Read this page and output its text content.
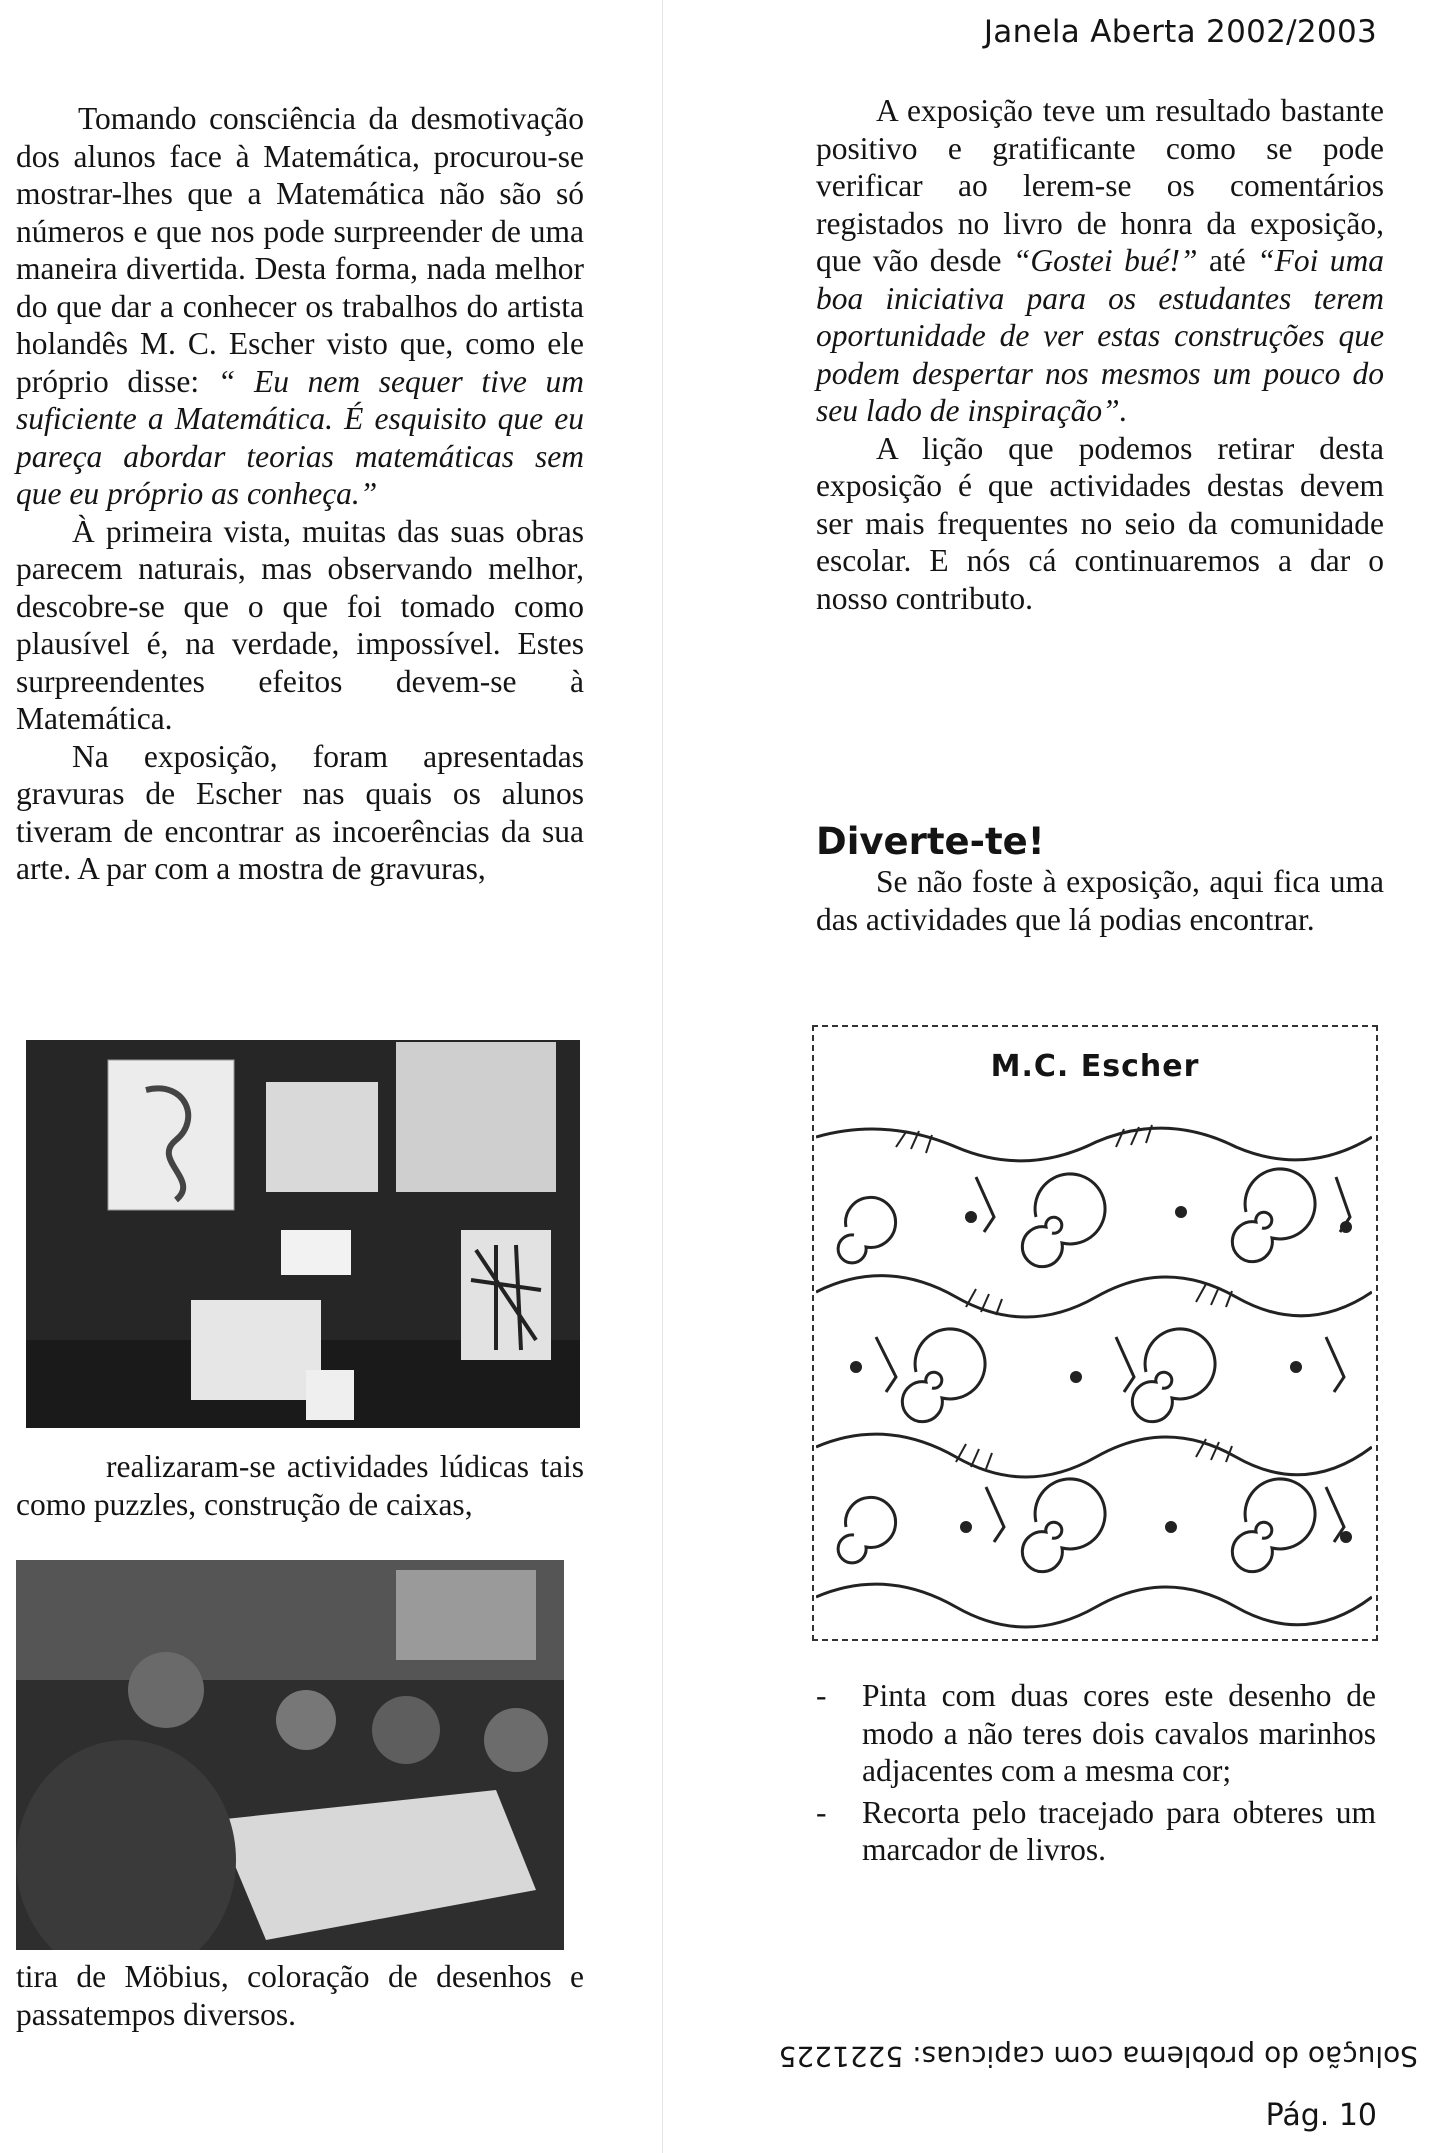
Janela Aberta 2002/2003

Tomando consciência da desmotivação dos alunos face à Matemática, procurou-se mostrar-lhes que a Matemática não são só números e que nos pode surpreender de uma maneira divertida. Desta forma, nada melhor do que dar a conhecer os trabalhos do artista holandês M. C. Escher visto que, como ele próprio disse: “ Eu nem sequer tive um suficiente a Matemática. É esquisito que eu pareça abordar teorias matemáticas sem que eu próprio as conheça.”

À primeira vista, muitas das suas obras parecem naturais, mas observando melhor, descobre-se que o que foi tomado como plausível é, na verdade, impossível. Estes surpreendentes efeitos devem-se à Matemática.

Na exposição, foram apresentadas gravuras de Escher nas quais os alunos tiveram de encontrar as incoerências da sua arte. A par com a mostra de gravuras,

realizaram-se actividades lúdicas tais como puzzles, construção de caixas,

tira de Möbius, coloração de desenhos e passatempos diversos.

A exposição teve um resultado bastante positivo e gratificante como se pode verificar ao lerem-se os comentários registados no livro de honra da exposição, que vão desde “Gostei bué!” até “Foi uma boa iniciativa para os estudantes terem oportunidade de ver estas construções que podem despertar nos mesmos um pouco do seu lado de inspiração”.

A lição que podemos retirar desta exposição é que actividades destas devem ser mais frequentes no seio da comunidade escolar. E nós cá continuaremos a dar o nosso contributo.

Diverte-te!

Se não foste à exposição, aqui fica uma das actividades que lá podias encontrar.

M.C. Escher
- Pinta com duas cores este desenho de modo a não teres dois cavalos marinhos adjacentes com a mesma cor;
- Recorta pelo tracejado para obteres um marcador de livros.
Solução do problema com capicuas: 5221225
Pág. 10
